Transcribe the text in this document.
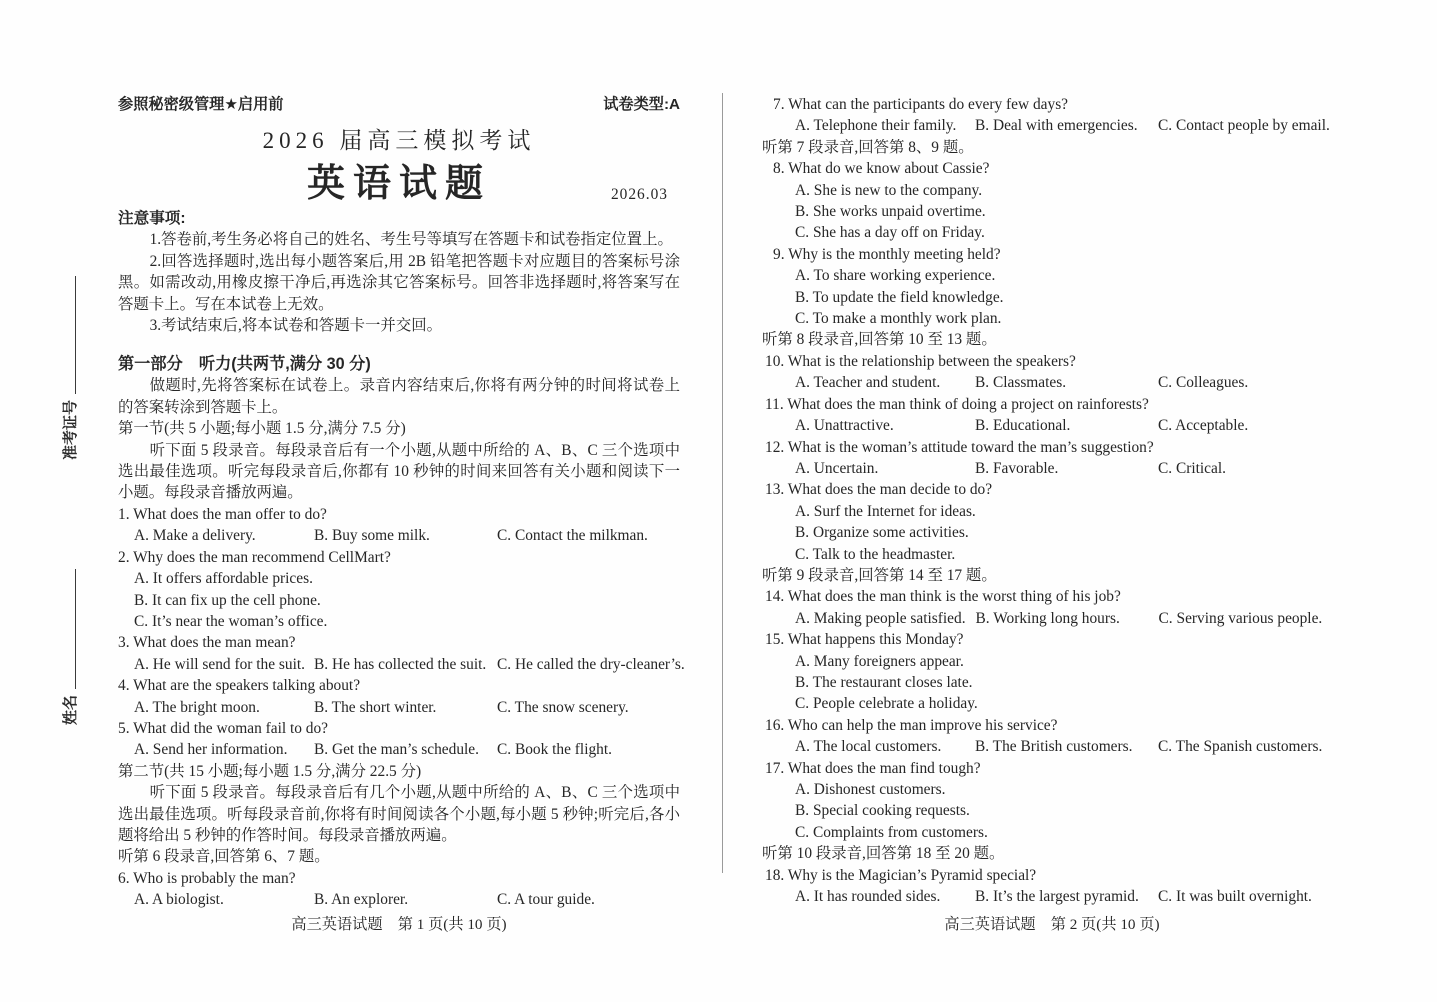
准考证号
姓名
参照秘密级管理★启用前	试卷类型:A
2026 届高三模拟考试
英语试题	2026.03
注意事项:
1.答卷前,考生务必将自己的姓名、考生号等填写在答题卡和试卷指定位置上。
2.回答选择题时,选出每小题答案后,用 2B 铅笔把答题卡对应题目的答案标号涂黑。如需改动,用橡皮擦干净后,再选涂其它答案标号。回答非选择题时,将答案写在答题卡上。写在本试卷上无效。
3.考试结束后,将本试卷和答题卡一并交回。
第一部分　听力(共两节,满分 30 分)
做题时,先将答案标在试卷上。录音内容结束后,你将有两分钟的时间将试卷上的答案转涂到答题卡上。
第一节(共 5 小题;每小题 1.5 分,满分 7.5 分)
听下面 5 段录音。每段录音后有一个小题,从题中所给的 A、B、C 三个选项中选出最佳选项。听完每段录音后,你都有 10 秒钟的时间来回答有关小题和阅读下一小题。每段录音播放两遍。
1. What does the man offer to do?
A. Make a delivery.	B. Buy some milk.	C. Contact the milkman.
2. Why does the man recommend CellMart?
A. It offers affordable prices.
B. It can fix up the cell phone.
C. It’s near the woman’s office.
3. What does the man mean?
A. He will send for the suit. B. He has collected the suit. C. He called the dry-cleaner’s.
4. What are the speakers talking about?
A. The bright moon.	B. The short winter.	C. The snow scenery.
5. What did the woman fail to do?
A. Send her information.	B. Get the man’s schedule.	C. Book the flight.
第二节(共 15 小题;每小题 1.5 分,满分 22.5 分)
听下面 5 段录音。每段录音后有几个小题,从题中所给的 A、B、C 三个选项中选出最佳选项。听每段录音前,你将有时间阅读各个小题,每小题 5 秒钟;听完后,各小题将给出 5 秒钟的作答时间。每段录音播放两遍。
听第 6 段录音,回答第 6、7 题。
6. Who is probably the man?
A. A biologist.	B. An explorer.	C. A tour guide.
高三英语试题　第 1 页(共 10 页)
7. What can the participants do every few days?
A. Telephone their family.	B. Deal with emergencies.	C. Contact people by email.
听第 7 段录音,回答第 8、9 题。
8. What do we know about Cassie?
A. She is new to the company.
B. She works unpaid overtime.
C. She has a day off on Friday.
9. Why is the monthly meeting held?
A. To share working experience.
B. To update the field knowledge.
C. To make a monthly work plan.
听第 8 段录音,回答第 10 至 13 题。
10. What is the relationship between the speakers?
A. Teacher and student.	B. Classmates.	C. Colleagues.
11. What does the man think of doing a project on rainforests?
A. Unattractive.	B. Educational.	C. Acceptable.
12. What is the woman’s attitude toward the man’s suggestion?
A. Uncertain.	B. Favorable.	C. Critical.
13. What does the man decide to do?
A. Surf the Internet for ideas.
B. Organize some activities.
C. Talk to the headmaster.
听第 9 段录音,回答第 14 至 17 题。
14. What does the man think is the worst thing of his job?
A. Making people satisfied. B. Working long hours.	C. Serving various people.
15. What happens this Monday?
A. Many foreigners appear.
B. The restaurant closes late.
C. People celebrate a holiday.
16. Who can help the man improve his service?
A. The local customers.	B. The British customers.	C. The Spanish customers.
17. What does the man find tough?
A. Dishonest customers.
B. Special cooking requests.
C. Complaints from customers.
听第 10 段录音,回答第 18 至 20 题。
18. Why is the Magician’s Pyramid special?
A. It has rounded sides.	B. It’s the largest pyramid.	C. It was built overnight.
高三英语试题　第 2 页(共 10 页)
